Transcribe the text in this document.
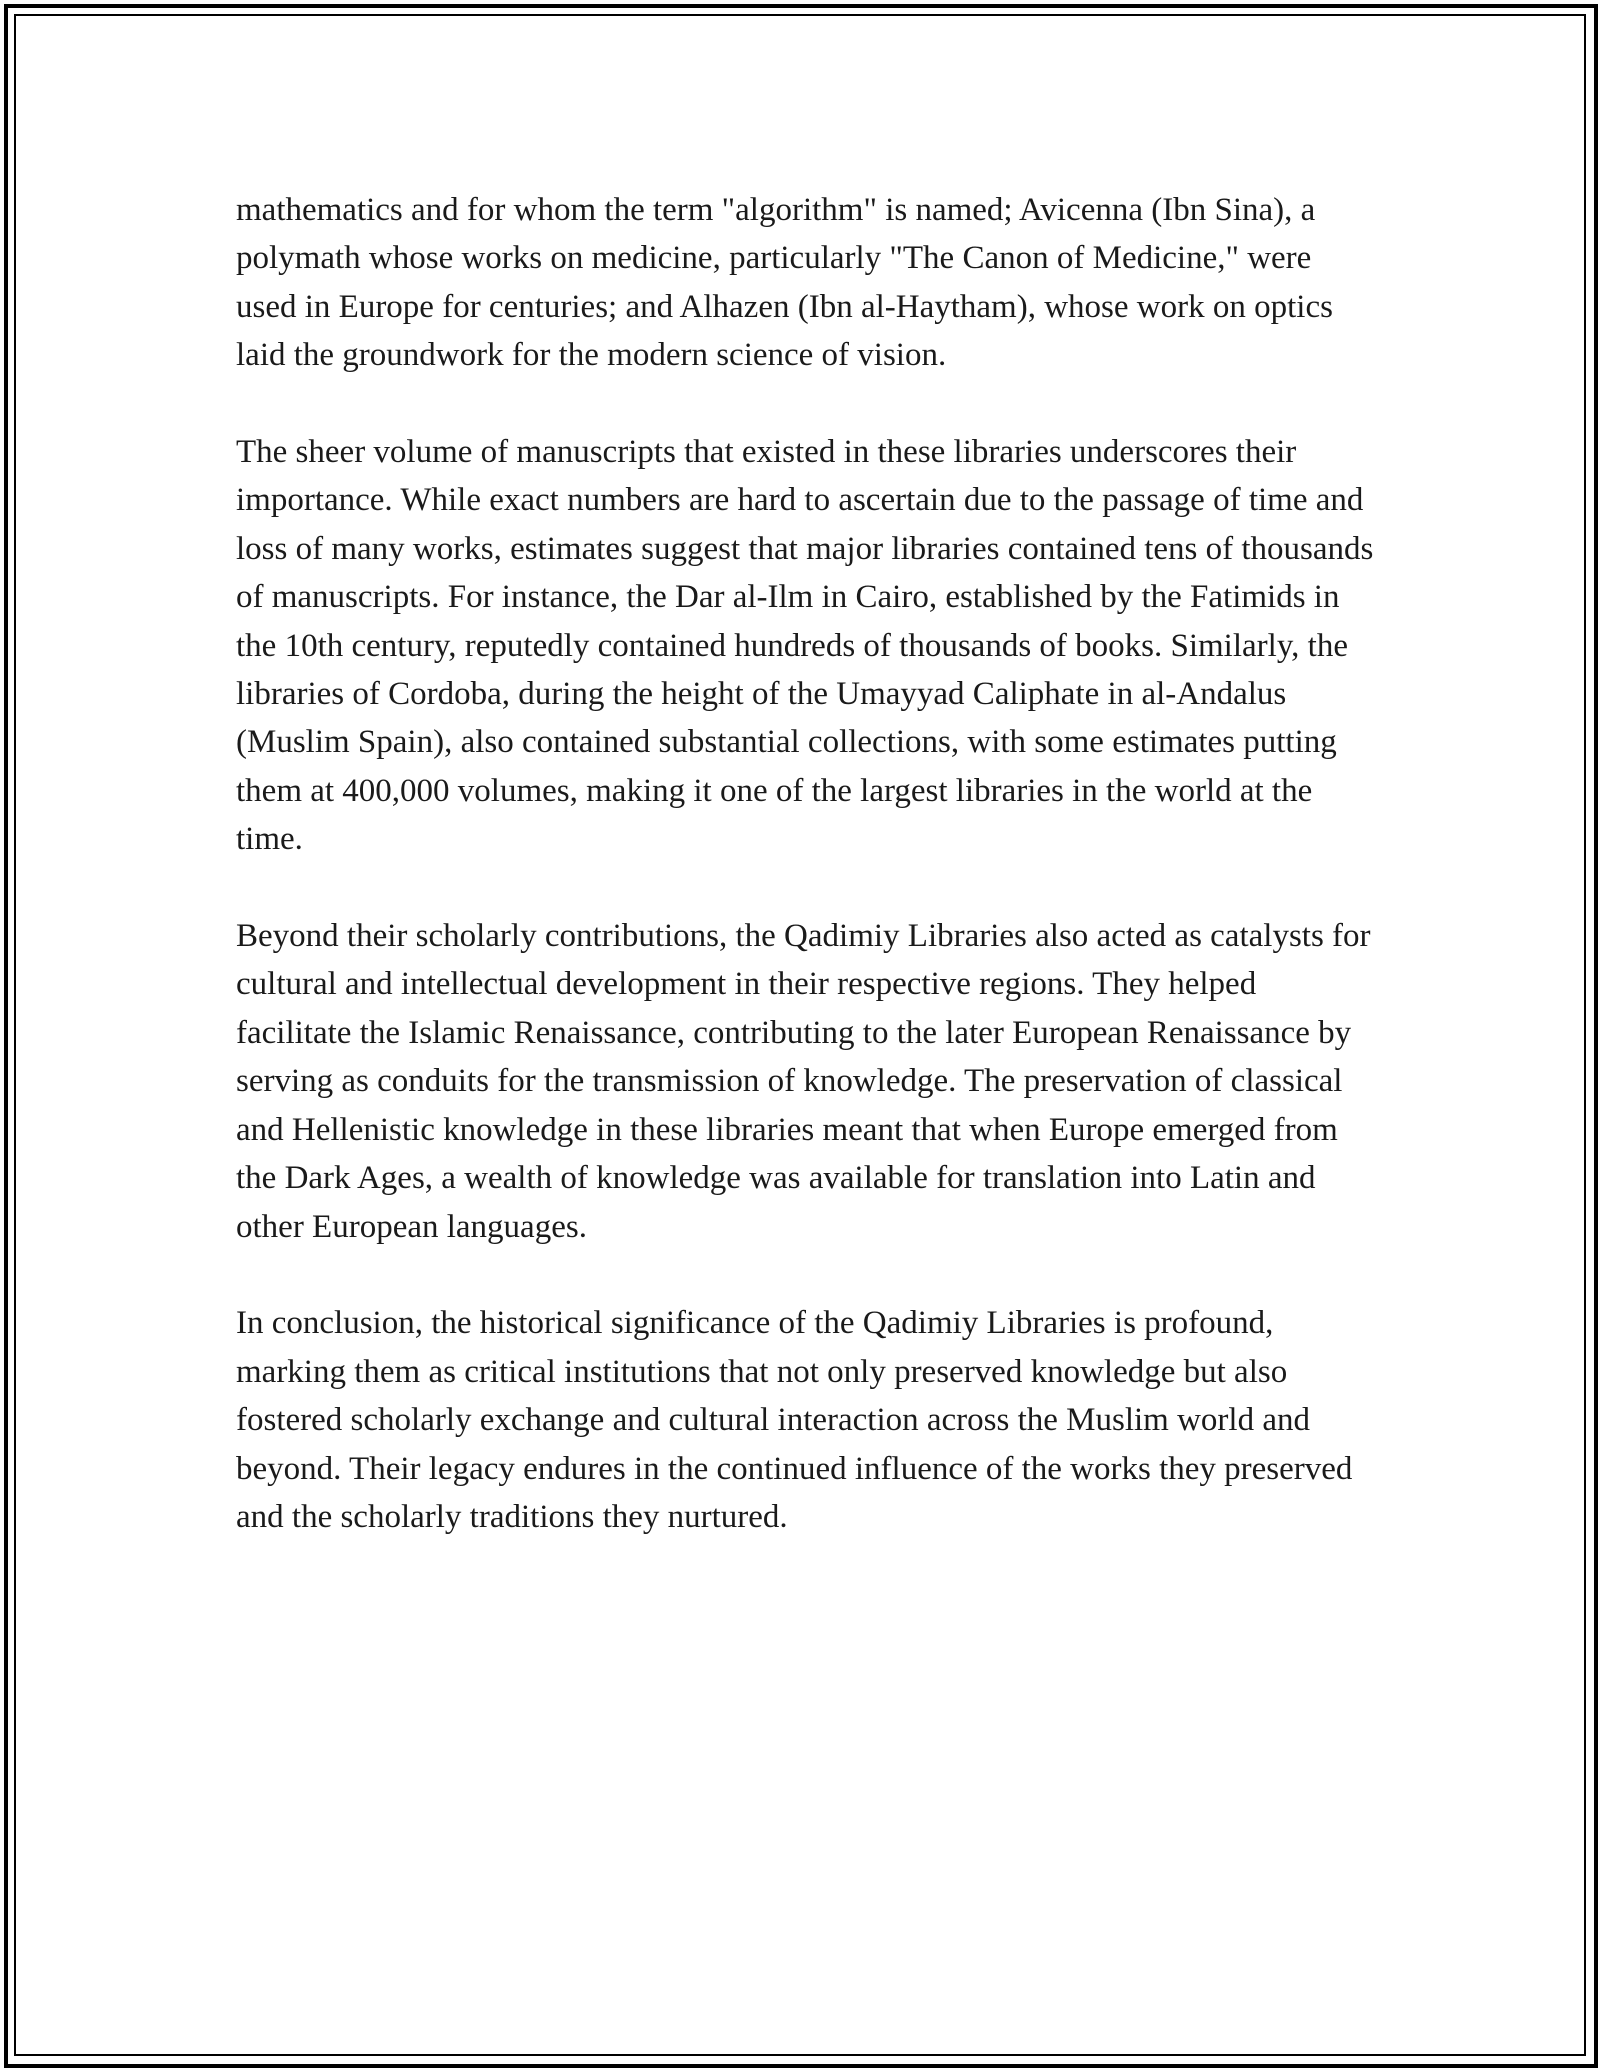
mathematics and for whom the term "algorithm" is named; Avicenna (Ibn Sina), a polymath whose works on medicine, particularly "The Canon of Medicine," were used in Europe for centuries; and Alhazen (Ibn al-Haytham), whose work on optics laid the groundwork for the modern science of vision.

The sheer volume of manuscripts that existed in these libraries underscores their importance. While exact numbers are hard to ascertain due to the passage of time and loss of many works, estimates suggest that major libraries contained tens of thousands of manuscripts. For instance, the Dar al-Ilm in Cairo, established by the Fatimids in the 10th century, reputedly contained hundreds of thousands of books. Similarly, the libraries of Cordoba, during the height of the Umayyad Caliphate in al-Andalus (Muslim Spain), also contained substantial collections, with some estimates putting them at 400,000 volumes, making it one of the largest libraries in the world at the time.

Beyond their scholarly contributions, the Qadimiy Libraries also acted as catalysts for cultural and intellectual development in their respective regions. They helped facilitate the Islamic Renaissance, contributing to the later European Renaissance by serving as conduits for the transmission of knowledge. The preservation of classical and Hellenistic knowledge in these libraries meant that when Europe emerged from the Dark Ages, a wealth of knowledge was available for translation into Latin and other European languages.

In conclusion, the historical significance of the Qadimiy Libraries is profound, marking them as critical institutions that not only preserved knowledge but also fostered scholarly exchange and cultural interaction across the Muslim world and beyond. Their legacy endures in the continued influence of the works they preserved and the scholarly traditions they nurtured.
